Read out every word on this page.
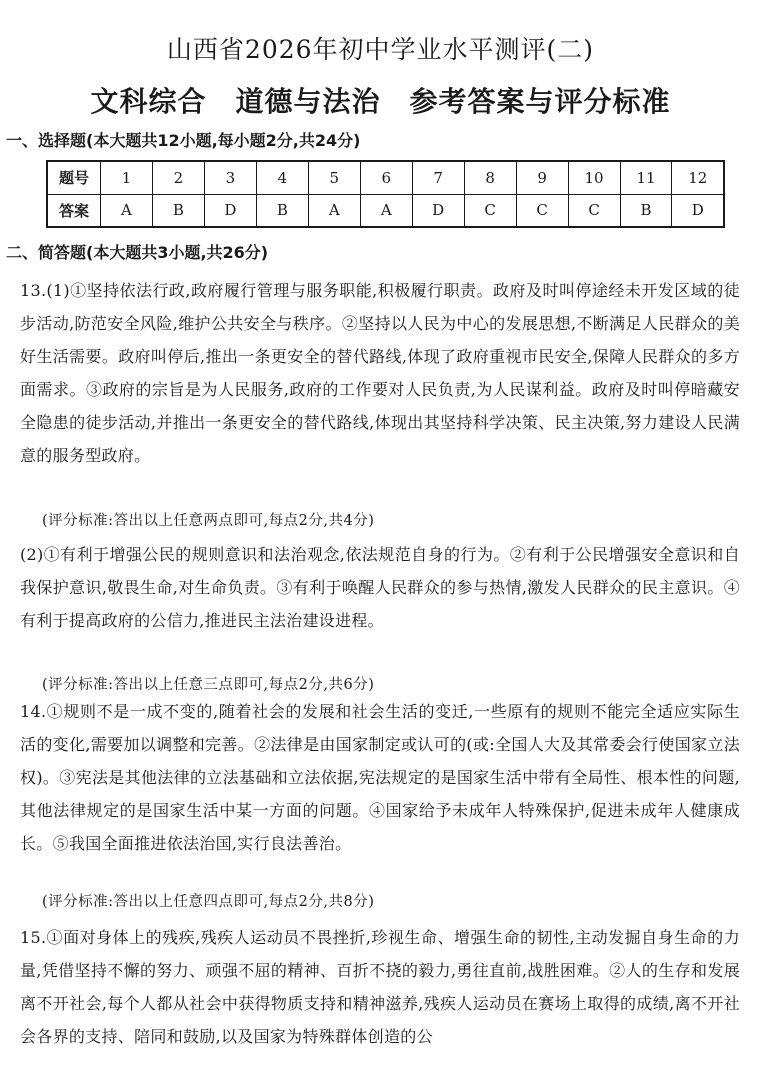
山西省2026年初中学业水平测评(二)
文科综合　道德与法治　参考答案与评分标准
一、选择题(本大题共12小题,每小题2分,共24分)
题号	1	2	3	4	5	6	7	8	9	10	11	12
答案	A	B	D	B	A	A	D	C	C	C	B	D
二、简答题(本大题共3小题,共26分)
13.(1)①坚持依法行政,政府履行管理与服务职能,积极履行职责。政府及时叫停途经未开发区域的徒步活动,防范安全风险,维护公共安全与秩序。②坚持以人民为中心的发展思想,不断满足人民群众的美好生活需要。政府叫停后,推出一条更安全的替代路线,体现了政府重视市民安全,保障人民群众的多方面需求。③政府的宗旨是为人民服务,政府的工作要对人民负责,为人民谋利益。政府及时叫停暗藏安全隐患的徒步活动,并推出一条更安全的替代路线,体现出其坚持科学决策、民主决策,努力建设人民满意的服务型政府。
(评分标准:答出以上任意两点即可,每点2分,共4分)
(2)①有利于增强公民的规则意识和法治观念,依法规范自身的行为。②有利于公民增强安全意识和自我保护意识,敬畏生命,对生命负责。③有利于唤醒人民群众的参与热情,激发人民群众的民主意识。④有利于提高政府的公信力,推进民主法治建设进程。
(评分标准:答出以上任意三点即可,每点2分,共6分)
14.①规则不是一成不变的,随着社会的发展和社会生活的变迁,一些原有的规则不能完全适应实际生活的变化,需要加以调整和完善。②法律是由国家制定或认可的(或:全国人大及其常委会行使国家立法权)。③宪法是其他法律的立法基础和立法依据,宪法规定的是国家生活中带有全局性、根本性的问题,其他法律规定的是国家生活中某一方面的问题。④国家给予未成年人特殊保护,促进未成年人健康成长。⑤我国全面推进依法治国,实行良法善治。
(评分标准:答出以上任意四点即可,每点2分,共8分)
15.①面对身体上的残疾,残疾人运动员不畏挫折,珍视生命、增强生命的韧性,主动发掘自身生命的力量,凭借坚持不懈的努力、顽强不屈的精神、百折不挠的毅力,勇往直前,战胜困难。②人的生存和发展离不开社会,每个人都从社会中获得物质支持和精神滋养,残疾人运动员在赛场上取得的成绩,离不开社会各界的支持、陪同和鼓励,以及国家为特殊群体创造的公
